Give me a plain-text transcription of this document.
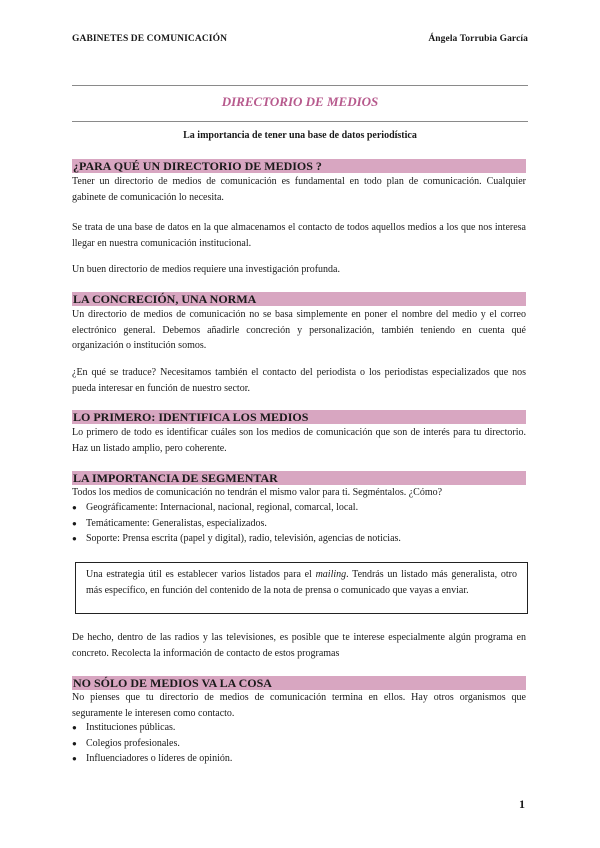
GABINETES DE COMUNICACIÓN	Ángela Torrubia García
DIRECTORIO DE MEDIOS
La importancia de tener una base de datos periodística
¿PARA QUÉ UN DIRECTORIO DE MEDIOS ?
Tener un directorio de medios de comunicación es fundamental en todo plan de comunicación. Cualquier gabinete de comunicación lo necesita.
Se trata de una base de datos en la que almacenamos el contacto de todos aquellos medios a los que nos interesa llegar en nuestra comunicación institucional.
Un buen directorio de medios requiere una investigación profunda.
LA CONCRECIÓN, UNA NORMA
Un directorio de medios de comunicación no se basa simplemente en poner el nombre del medio y el correo electrónico general. Debemos añadirle concreción y personalización, también teniendo en cuenta qué organización o institución somos.
¿En qué se traduce? Necesitamos también el contacto del periodista o los periodistas especializados que nos pueda interesar en función de nuestro sector.
LO PRIMERO: IDENTIFICA LOS MEDIOS
Lo primero de todo es identificar cuáles son los medios de comunicación que son de interés para tu directorio. Haz un listado amplio, pero coherente.
LA IMPORTANCIA DE SEGMENTAR
Todos los medios de comunicación no tendrán el mismo valor para ti. Segméntalos. ¿Cómo?
● Geográficamente: Internacional, nacional, regional, comarcal, local.
● Temáticamente: Generalistas, especializados.
● Soporte: Prensa escrita (papel y digital), radio, televisión, agencias de noticias.
Una estrategia útil es establecer varios listados para el mailing. Tendrás un listado más generalista, otro más específico, en función del contenido de la nota de prensa o comunicado que vayas a enviar.
De hecho, dentro de las radios y las televisiones, es posible que te interese especialmente algún programa en concreto. Recolecta la información de contacto de estos programas
NO SÓLO DE MEDIOS VA LA COSA
No pienses que tu directorio de medios de comunicación termina en ellos. Hay otros organismos que seguramente le interesen como contacto.
● Instituciones públicas.
● Colegios profesionales.
● Influenciadores o líderes de opinión.
1
